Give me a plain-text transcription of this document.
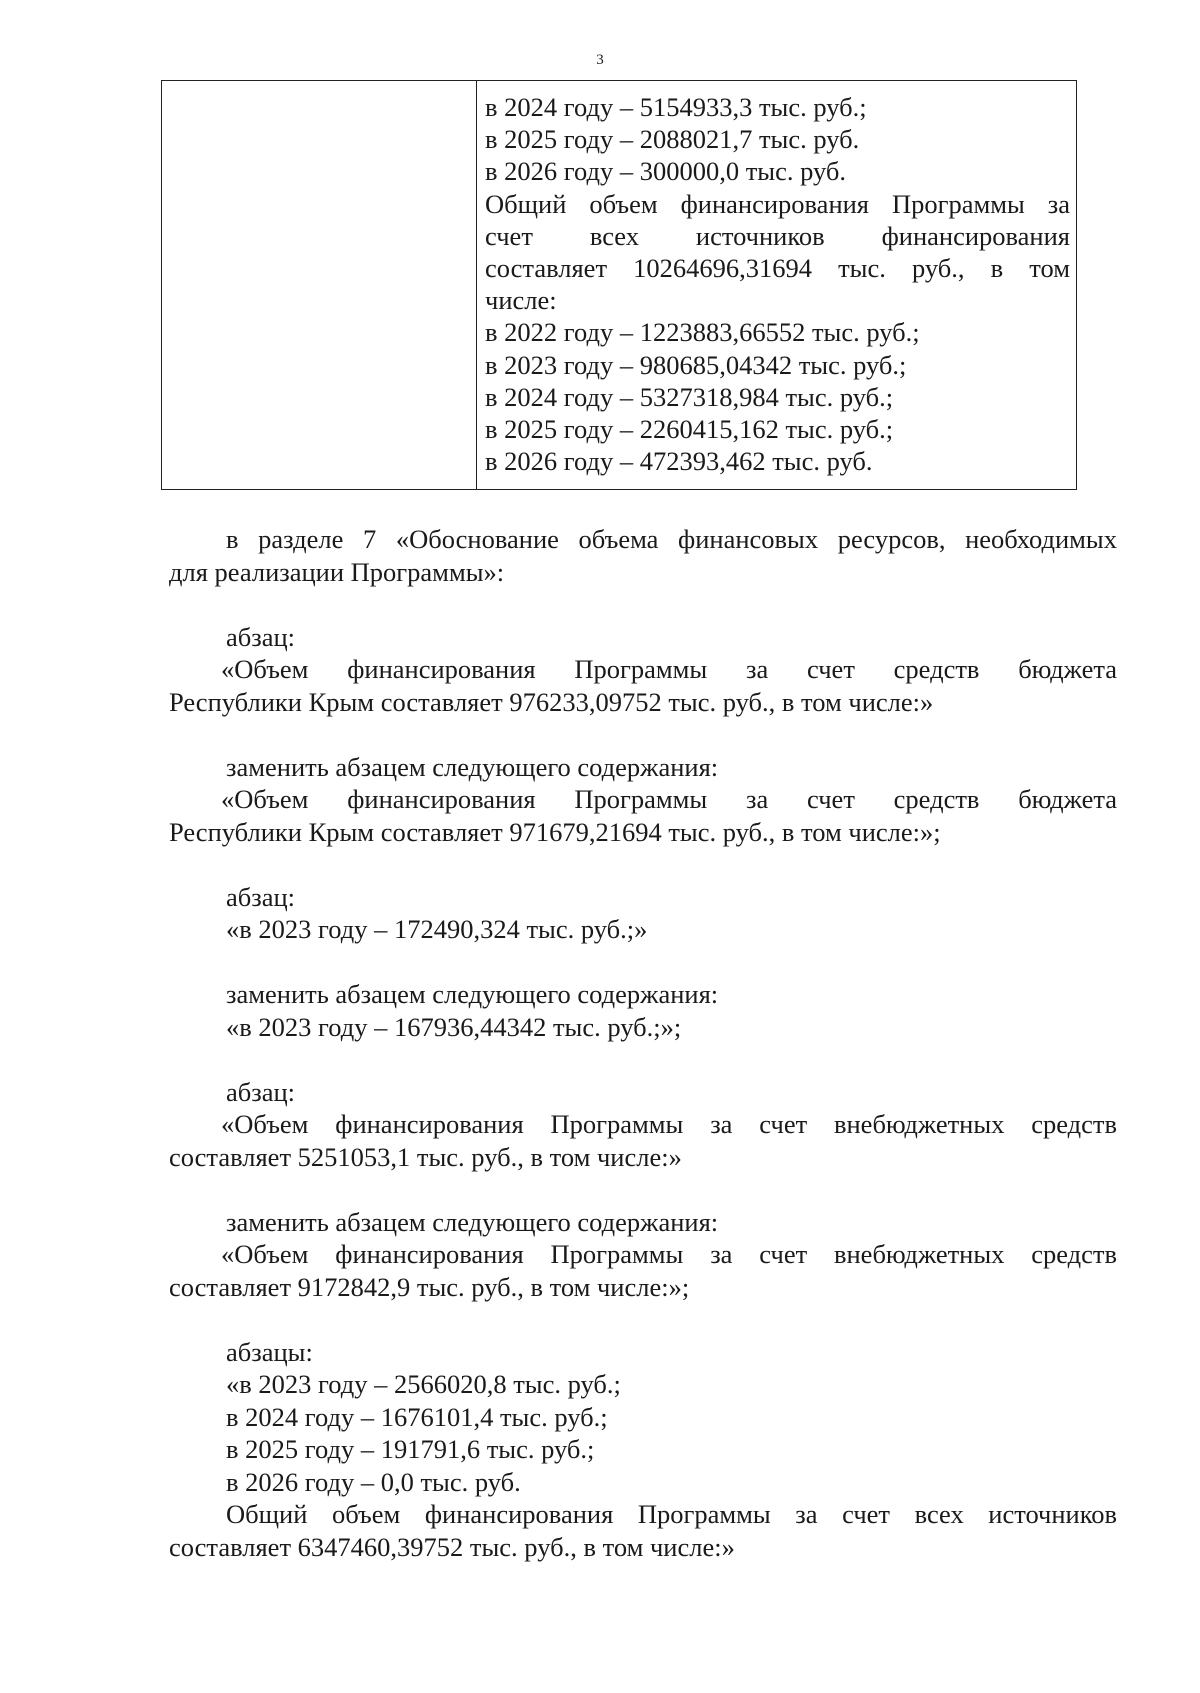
3
в 2024 году – 5154933,3 тыс. руб.;
в 2025 году – 2088021,7 тыс. руб.
в 2026 году – 300000,0 тыс. руб.
Общий объем финансирования Программы за
счет всех источников финансирования
составляет 10264696,31694 тыс. руб., в том
числе:
в 2022 году – 1223883,66552 тыс. руб.;
в 2023 году – 980685,04342 тыс. руб.;
в 2024 году – 5327318,984 тыс. руб.;
в 2025 году – 2260415,162 тыс. руб.;
в 2026 году – 472393,462 тыс. руб.
в разделе 7 «Обоснование объема финансовых ресурсов, необходимых
для реализации Программы»:
абзац:
«Объем финансирования Программы за счет средств бюджета
Республики Крым составляет 976233,09752 тыс. руб., в том числе:»
заменить абзацем следующего содержания:
«Объем финансирования Программы за счет средств бюджета
Республики Крым составляет 971679,21694 тыс. руб., в том числе:»;
абзац:
«в 2023 году – 172490,324 тыс. руб.;»
заменить абзацем следующего содержания:
«в 2023 году – 167936,44342 тыс. руб.;»;
абзац:
«Объем финансирования Программы за счет внебюджетных средств
составляет 5251053,1 тыс. руб., в том числе:»
заменить абзацем следующего содержания:
«Объем финансирования Программы за счет внебюджетных средств
составляет 9172842,9 тыс. руб., в том числе:»;
абзацы:
«в 2023 году – 2566020,8 тыс. руб.;
в 2024 году – 1676101,4 тыс. руб.;
в 2025 году – 191791,6 тыс. руб.;
в 2026 году – 0,0 тыс. руб.
Общий объем финансирования Программы за счет всех источников
составляет 6347460,39752 тыс. руб., в том числе:»
